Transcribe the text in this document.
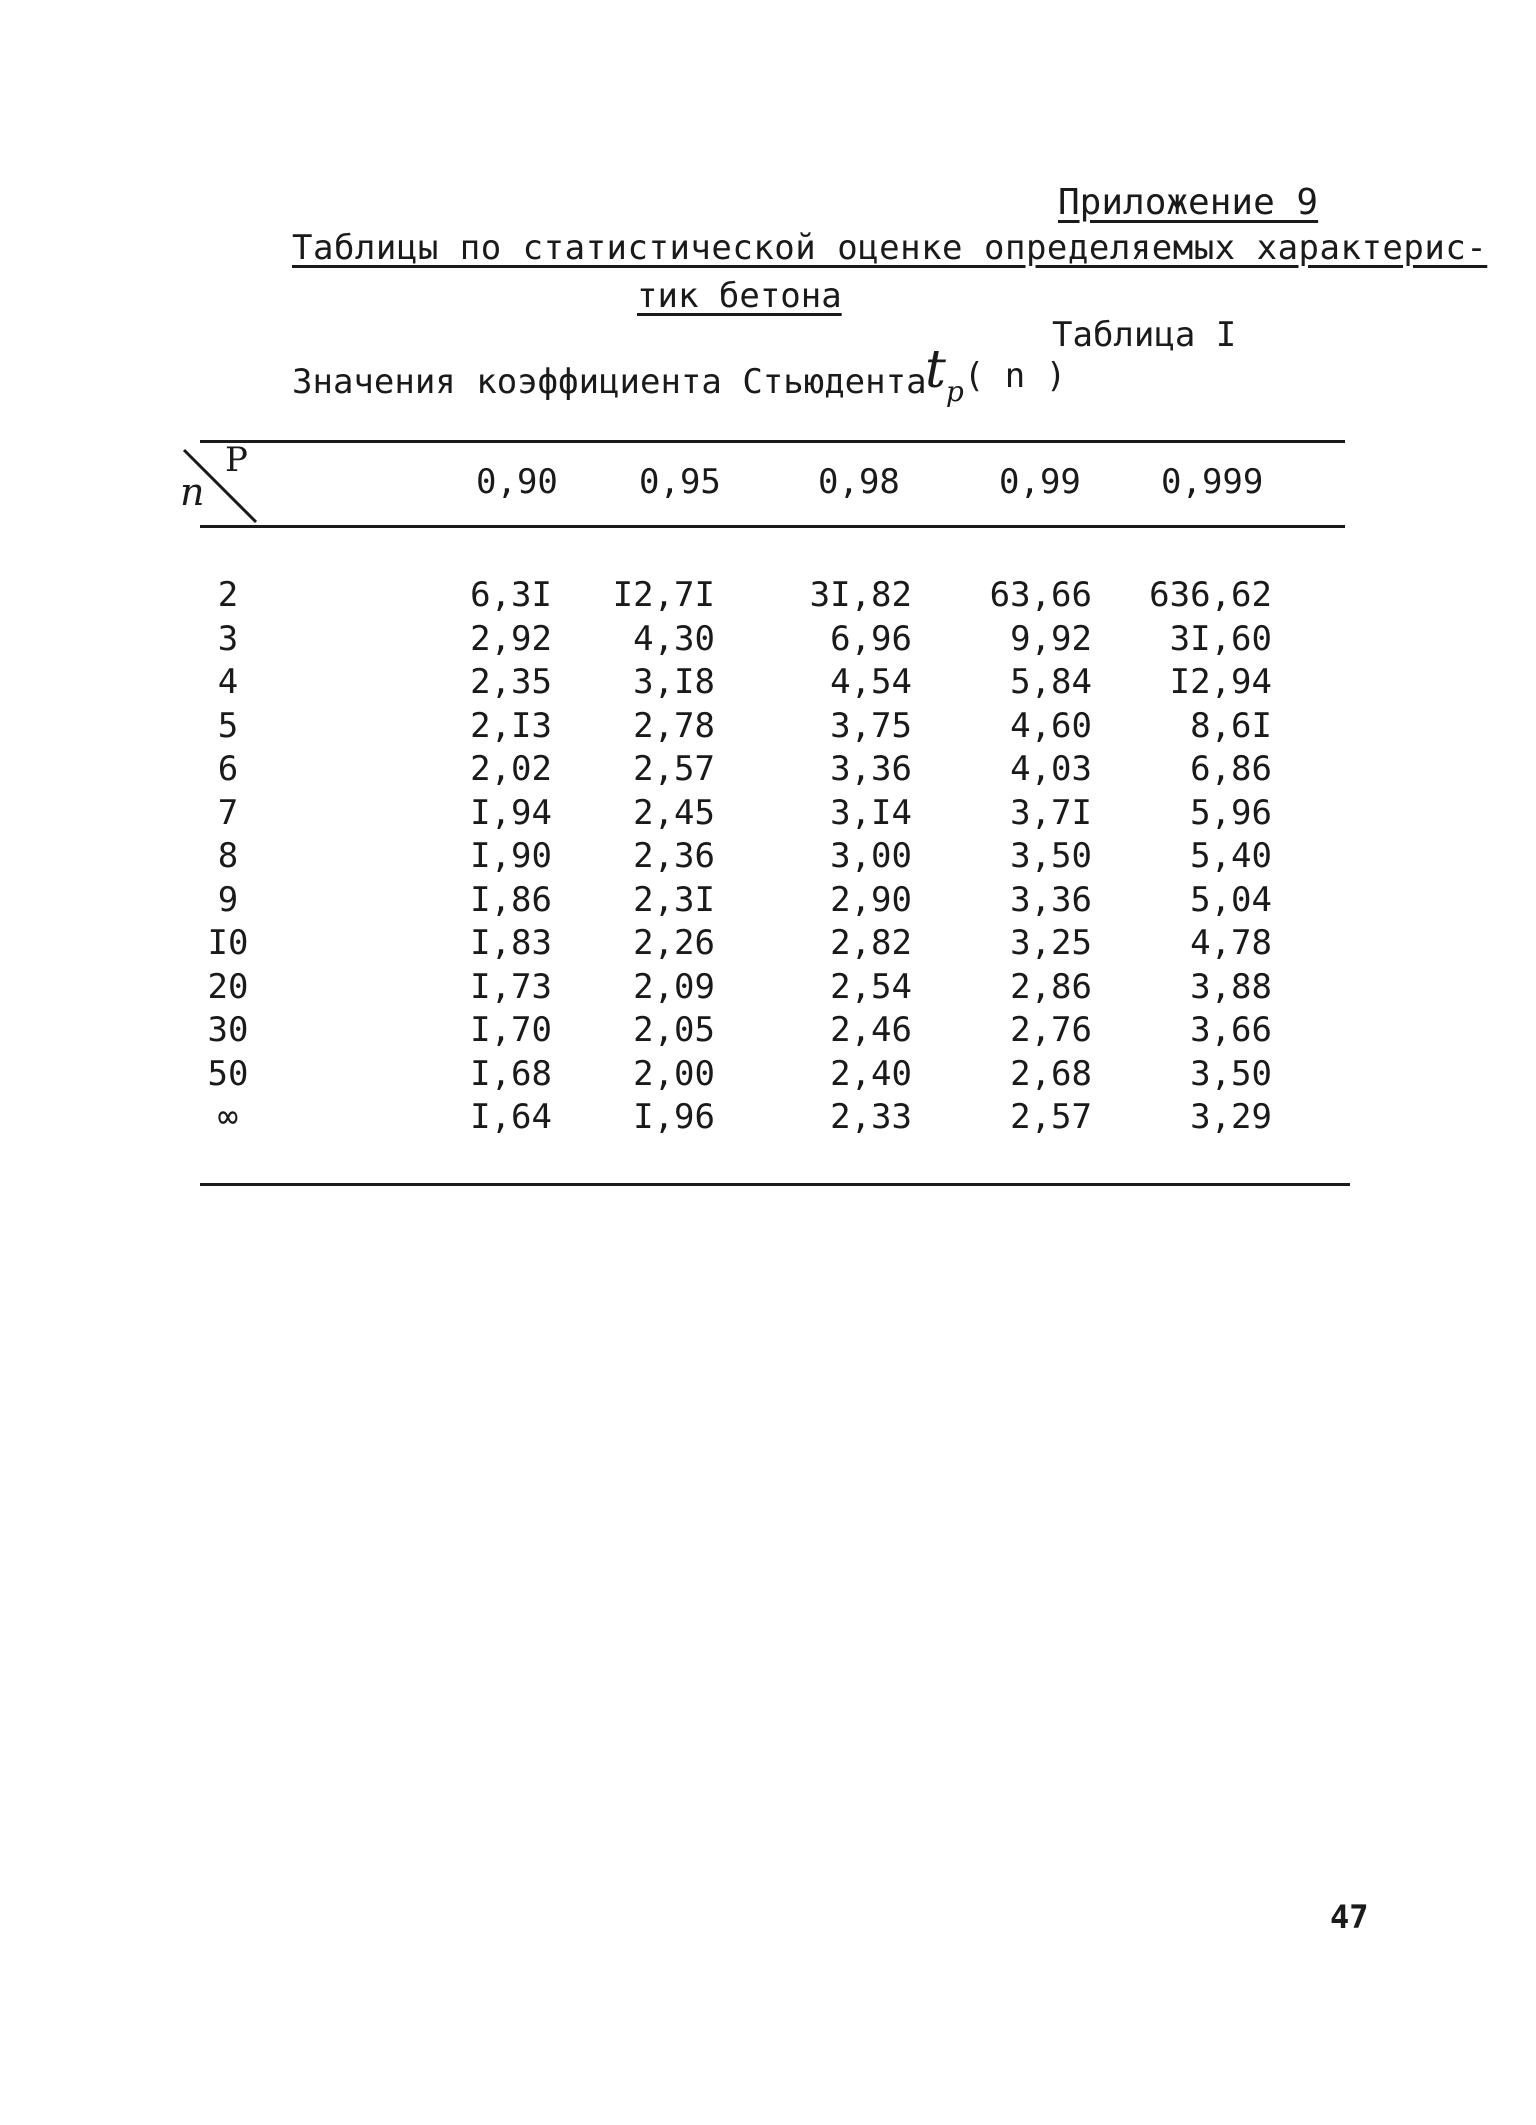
Приложение 9
Таблицы по статистической оценке определяемых характерис-
тик бетона
Таблица I
Значения коэффициента Стьюдента
$t_p$( n )
n
P
0,90 0,95	0,98	0,99 0,999
2	6,3I	I2,7I	3I,82	63,66	636,62
3	2,92	4,30	6,96	9,92	3I,60
4	2,35	3,I8	4,54	5,84	I2,94
5	2,I3	2,78	3,75	4,60	8,6I
6	2,02	2,57	3,36	4,03	6,86
7	I,94	2,45	3,I4	3,7I	5,96
8	I,90	2,36	3,00	3,50	5,40
9	I,86	2,3I	2,90	3,36	5,04
I0	I,83	2,26	2,82	3,25	4,78
20	I,73	2,09	2,54	2,86	3,88
30	I,70	2,05	2,46	2,76	3,66
50	I,68	2,00	2,40	2,68	3,50
∞	I,64	I,96	2,33	2,57	3,29
47
